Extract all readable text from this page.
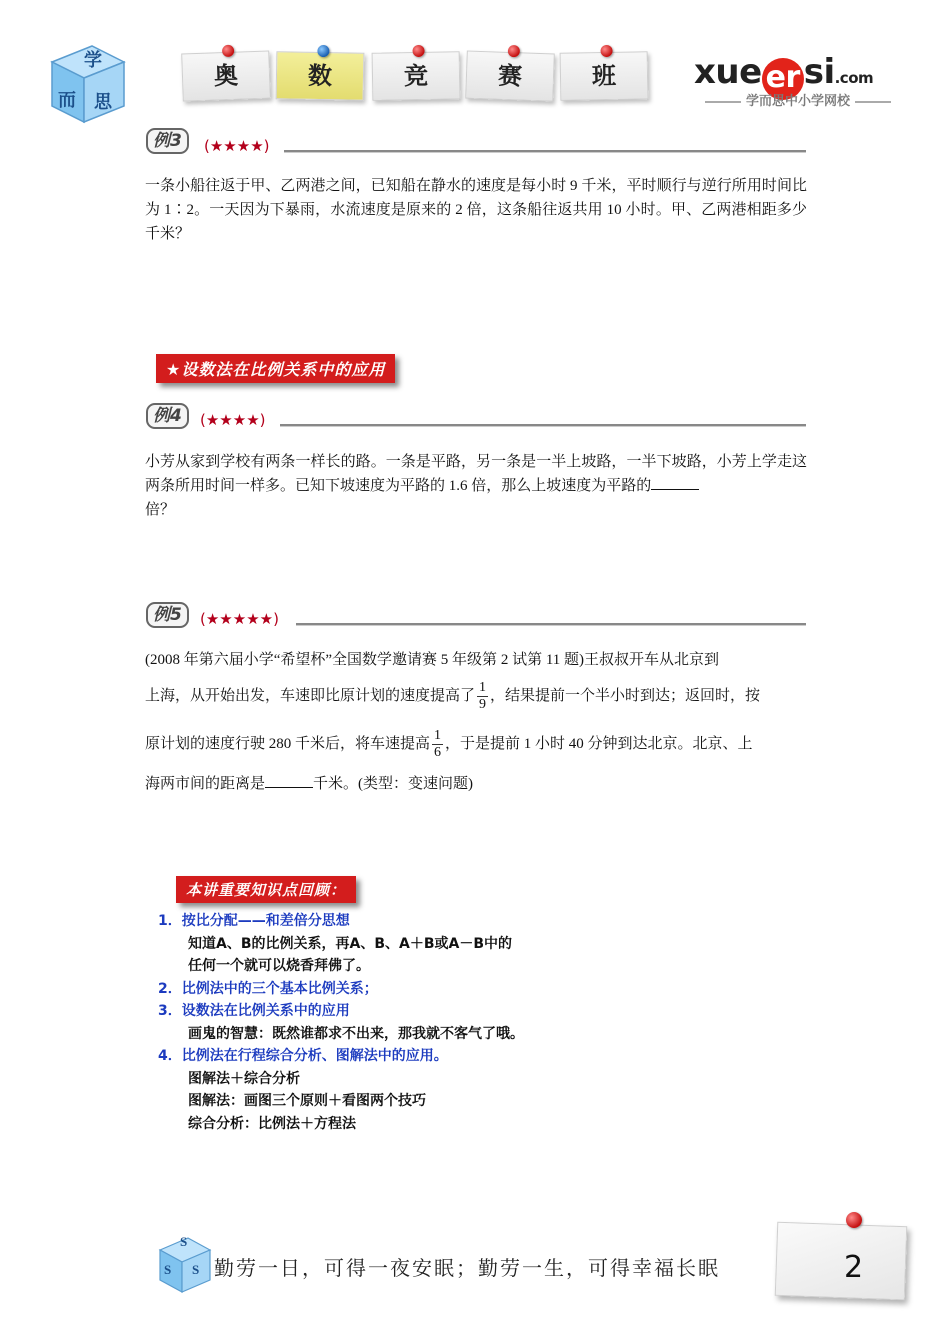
学
而 思
奥	数	竞	赛	班	xue er si.com
学而思中小学网校
例3	(★★★★)
一条小船往返于甲、乙两港之间，已知船在静水的速度是每小时 9 千米，平时顺行与逆行所用时间比为 1∶2。一天因为下暴雨，水流速度是原来的 2 倍，这条船往返共用 10 小时。甲、乙两港相距多少千米？
★设数法在比例关系中的应用
例4	(★★★★)
小芳从家到学校有两条一样长的路。一条是平路，另一条是一半上坡路，一半下坡路，小芳上学走这两条所用时间一样多。已知下坡速度为平路的 1.6 倍，那么上坡速度为平路的
倍？
例5	(★★★★★)
(2008 年第六届小学“希望杯”全国数学邀请赛 5 年级第 2 试第 11 题)王叔叔开车从北京到
上海，从开始出发，车速即比原计划的速度提高了 $\frac{1}{9}$ ，结果提前一个半小时到达；返回时，按
原计划的速度行驶 280 千米后，将车速提高 $\frac{1}{6}$ ，于是提前 1 小时 40 分钟到达北京。北京、上
海两市间的距离是	千米。(类型：变速问题)
本讲重要知识点回顾：
1．按比分配——和差倍分思想
知道A、B的比例关系，再A、B、A＋B或A－B中的
任何一个就可以烧香拜佛了。
2．比例法中的三个基本比例关系；
3．设数法在比例关系中的应用
画鬼的智慧：既然谁都求不出来，那我就不客气了哦。
4．比例法在行程综合分析、图解法中的应用。
图解法＋综合分析
图解法：画图三个原则＋看图两个技巧
综合分析：比例法＋方程法
S
S S 勤劳一日，可得一夜安眠；勤劳一生，可得幸福长眠	2
